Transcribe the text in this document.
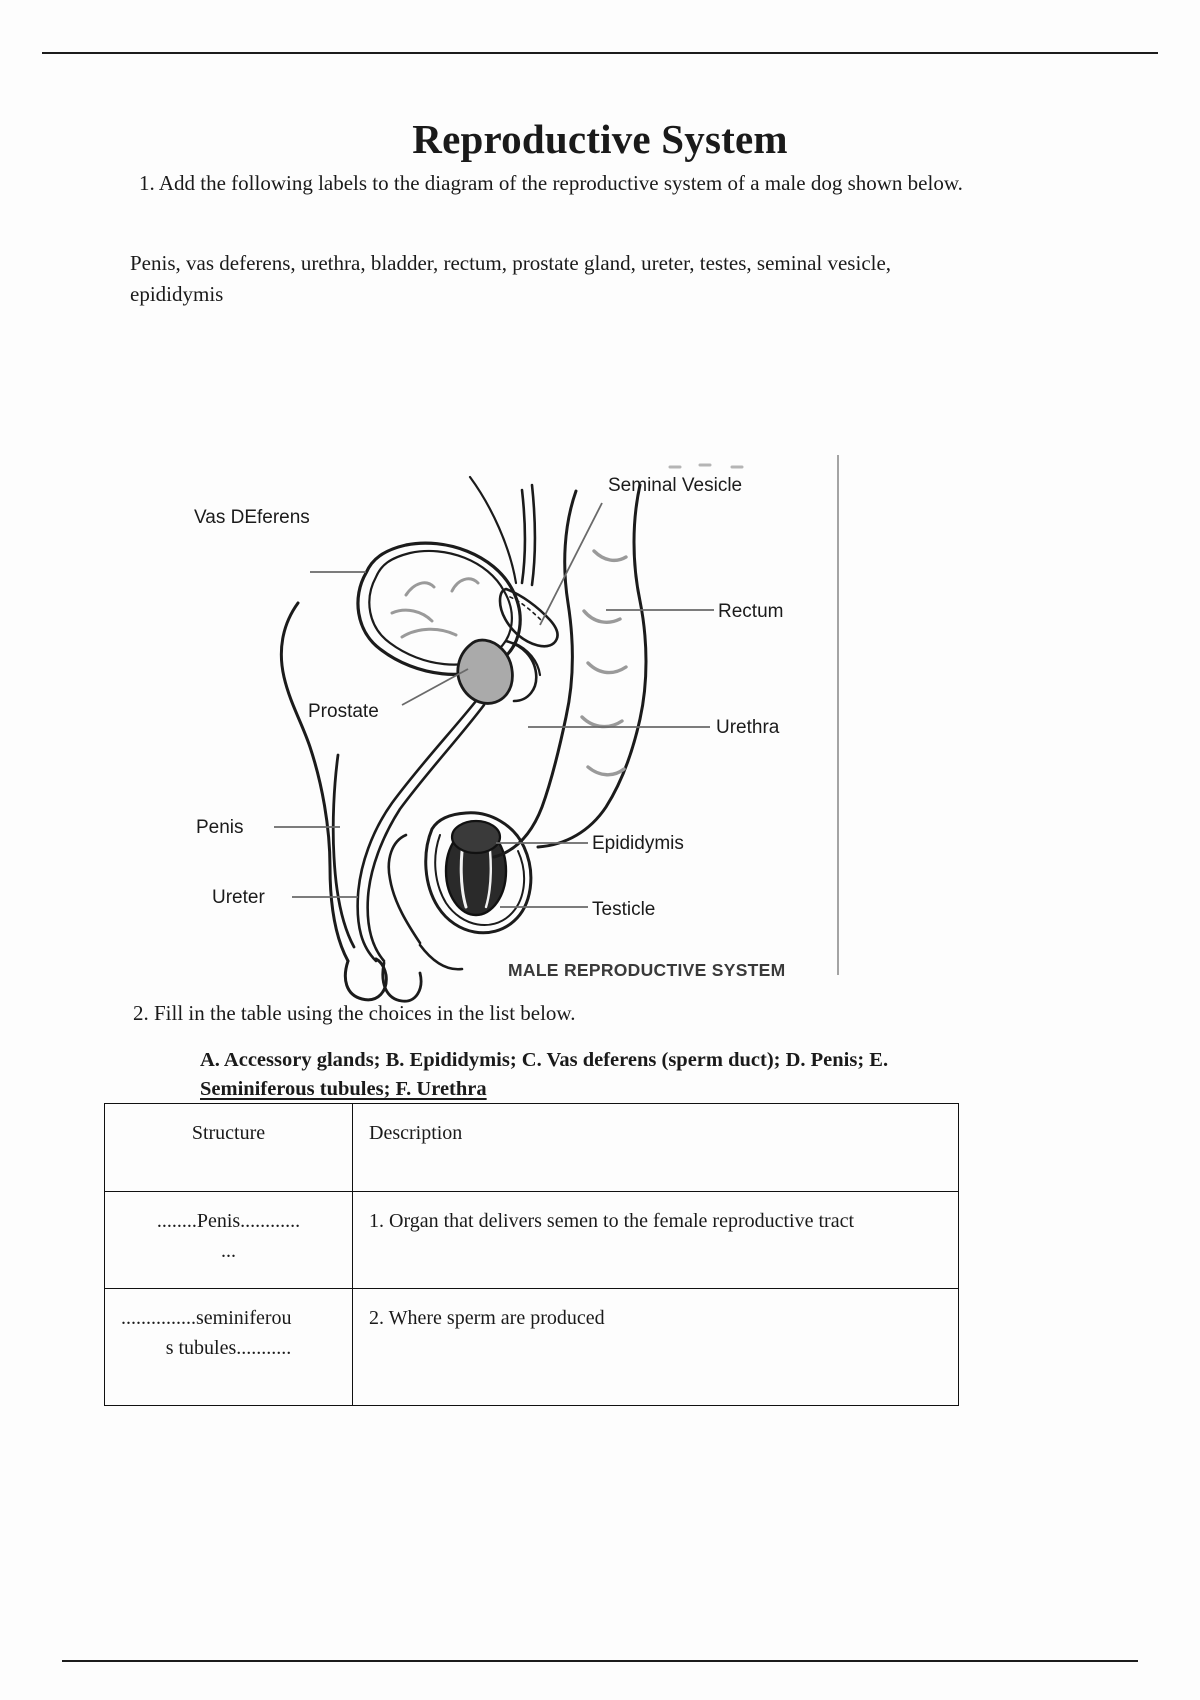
Reproductive System
1. Add the following labels to the diagram of the reproductive system of a male dog shown below.
Penis, vas deferens, urethra, bladder, rectum, prostate gland, ureter, testes, seminal vesicle, epididymis
Vas DEferens
Seminal Vesicle
Rectum
Prostate
Urethra
Penis
Epididymis
Ureter
Testicle
MALE REPRODUCTIVE SYSTEM
2. Fill in the table using the choices in the list below.
A. Accessory glands; B. Epididymis; C. Vas deferens (sperm duct); D. Penis; E.
Seminiferous tubules; F. Urethra
Structure	Description

........Penis............
...	1. Organ that delivers semen to the female reproductive tract

...............seminiferou
s tubules...........	2. Where sperm are produced
